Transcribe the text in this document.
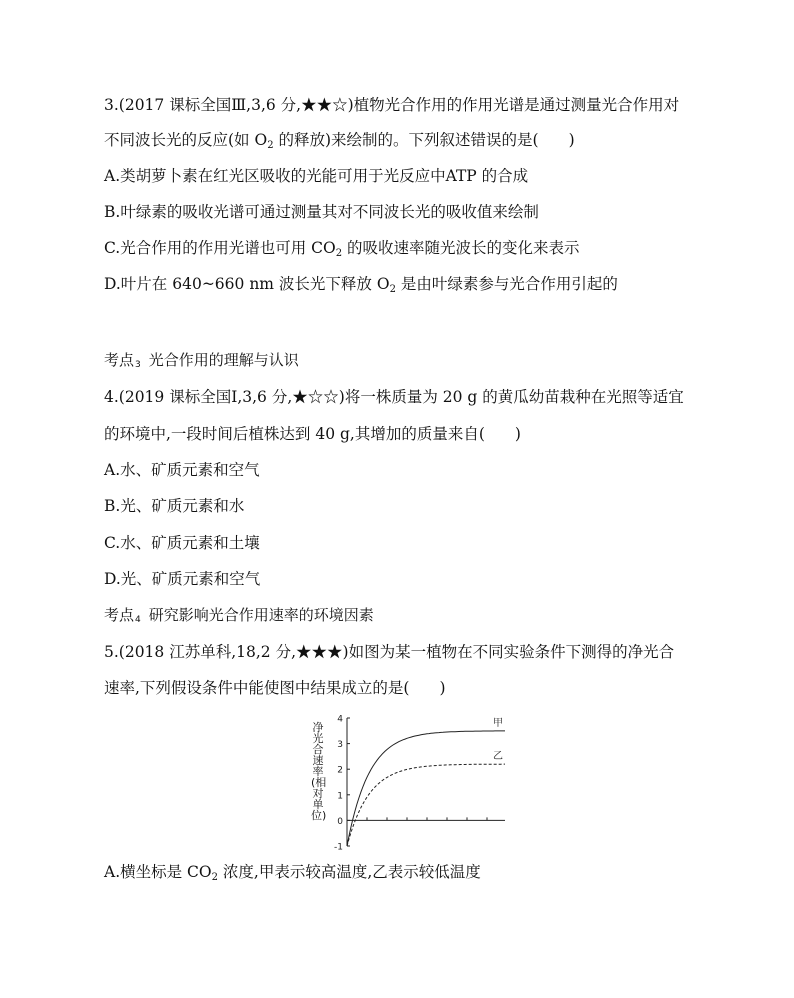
3.(2017 课标全国Ⅲ,3,6 分,★★☆)植物光合作用的作用光谱是通过测量光合作用对
不同波长光的反应(如 $O_2$ 的释放)来绘制的。下列叙述错误的是( )
A.类胡萝卜素在红光区吸收的光能可用于光反应中ATP 的合成
B.叶绿素的吸收光谱可通过测量其对不同波长光的吸收值来绘制
C.光合作用的作用光谱也可用 $CO_2$ 的吸收速率随光波长的变化来表示
D.叶片在 640~660 nm 波长光下释放 $O_2$ 是由叶绿素参与光合作用引起的
考点3 光合作用的理解与认识
4.(2019 课标全国Ⅰ,3,6 分,★☆☆)将一株质量为 20 g 的黄瓜幼苗栽种在光照等适宜
的环境中,一段时间后植株达到 40 g,其增加的质量来自( )
A.水、矿质元素和空气
B.光、矿质元素和水
C.水、矿质元素和土壤
D.光、矿质元素和空气
考点4 研究影响光合作用速率的环境因素
5.(2018 江苏单科,18,2 分,★★★)如图为某一植物在不同实验条件下测得的净光合
速率,下列假设条件中能使图中结果成立的是( )
净光合速率(相对单位)
4
3
2
1
0
-1
甲
乙
A.横坐标是 $CO_2$ 浓度,甲表示较高温度,乙表示较低温度
